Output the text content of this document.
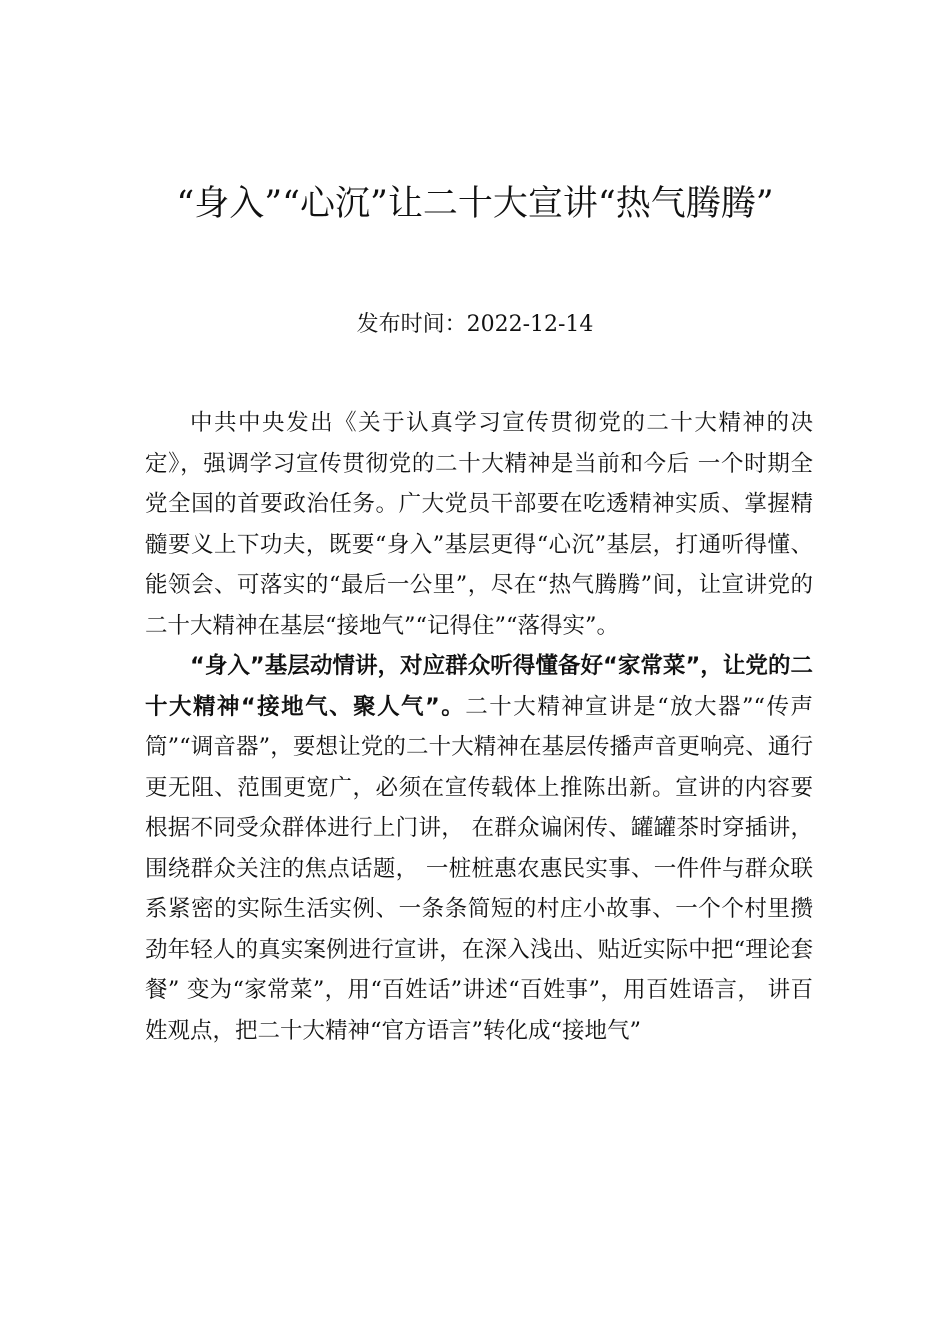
“身入”“心沉”让二十大宣讲“热气腾腾”
发布时间：2022-12-14

中共中央发出《关于认真学习宣传贯彻党的二十大精神的决定》，强调学习宣传贯彻党的二十大精神是当前和今后 一个时期全党全国的首要政治任务。广大党员干部要在吃透精神实质、掌握精髓要义上下功夫，既要“身入”基层更得“心沉”基层，打通听得懂、能领会、可落实的“最后一公里”，尽在“热气腾腾”间，让宣讲党的二十大精神在基层“接地气”“记得住”“落得实”。

“身入”基层动情讲，对应群众听得懂备好“家常菜”，让党的二十大精神“接地气、聚人气”。二十大精神宣讲是“放大器”“传声筒”“调音器”，要想让党的二十大精神在基层传播声音更响亮、通行更无阻、范围更宽广，必须在宣传载体上推陈出新。宣讲的内容要根据不同受众群体进行上门讲， 在群众谝闲传、罐罐茶时穿插讲，围绕群众关注的焦点话题， 一桩桩惠农惠民实事、一件件与群众联系紧密的实际生活实例、一条条简短的村庄小故事、一个个村里攒劲年轻人的真实案例进行宣讲，在深入浅出、贴近实际中把“理论套餐” 变为“家常菜”，用“百姓话”讲述“百姓事”，用百姓语言， 讲百姓观点，把二十大精神“官方语言”转化成“接地气”
